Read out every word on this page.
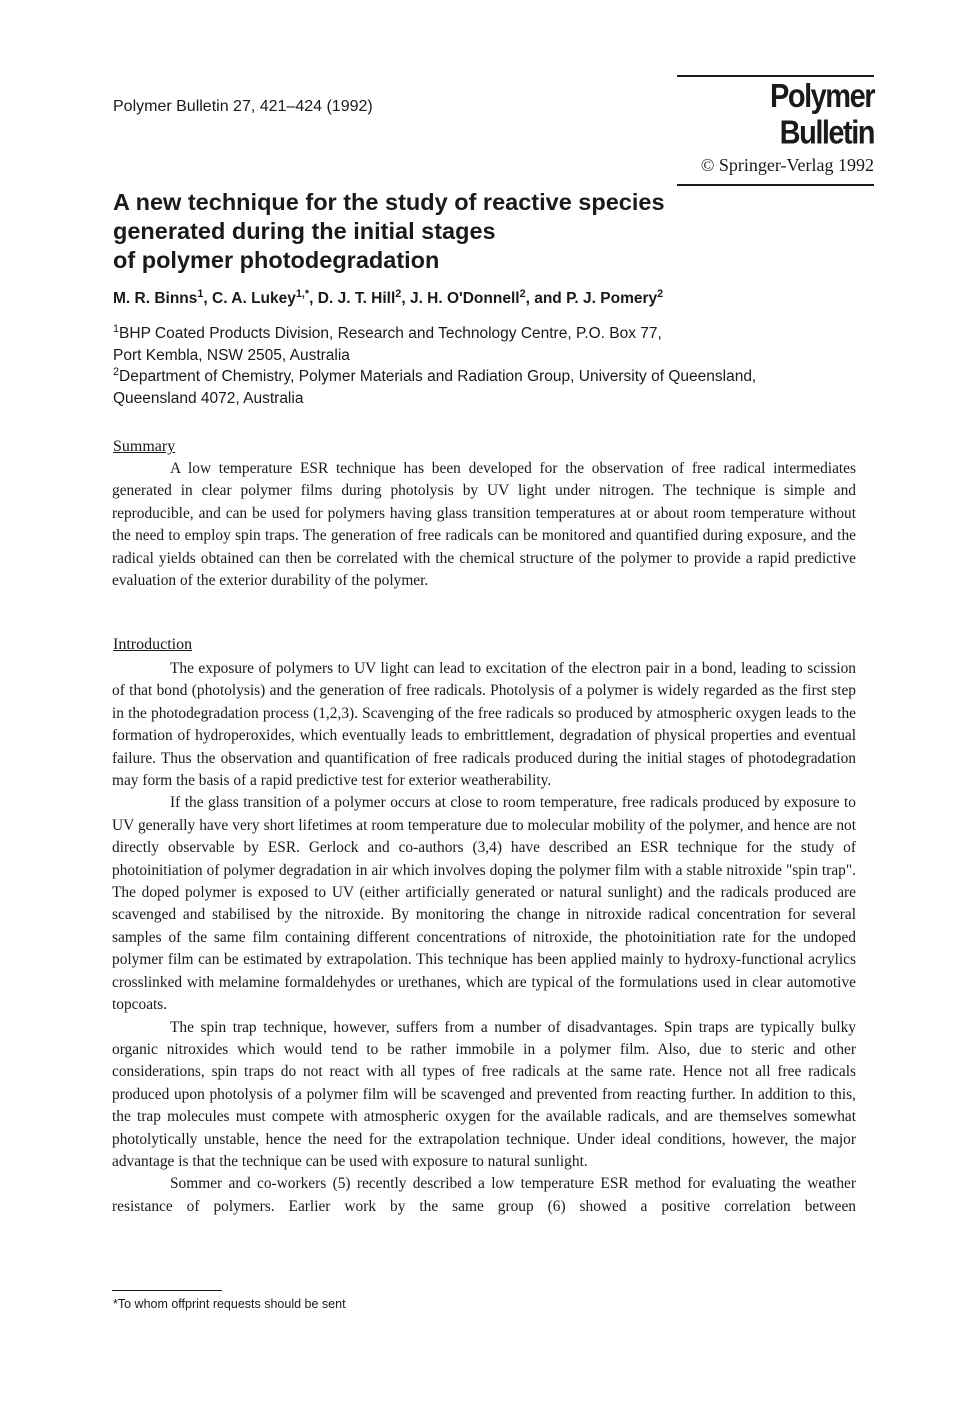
Polymer Bulletin 27, 421–424 (1992)	Polymer Bulletin
© Springer-Verlag 1992
A new technique for the study of reactive species
generated during the initial stages
of polymer photodegradation
M. R. Binns$^1$, C. A. Lukey$^{1,*}$, D. J. T. Hill$^2$, J. H. O'Donnell$^2$, and P. J. Pomery$^2$
$^1$BHP Coated Products Division, Research and Technology Centre, P.O. Box 77,
Port Kembla, NSW 2505, Australia
$^2$Department of Chemistry, Polymer Materials and Radiation Group, University of Queensland,
Queensland 4072, Australia
Summary

A low temperature ESR technique has been developed for the observation of free radical intermediates generated in clear polymer films during photolysis by UV light under nitrogen. The technique is simple and reproducible, and can be used for polymers having glass transition temperatures at or about room temperature without the need to employ spin traps. The generation of free radicals can be monitored and quantified during exposure, and the radical yields obtained can then be correlated with the chemical structure of the polymer to provide a rapid predictive evaluation of the exterior durability of the polymer.

Introduction

The exposure of polymers to UV light can lead to excitation of the electron pair in a bond, leading to scission of that bond (photolysis) and the generation of free radicals. Photolysis of a polymer is widely regarded as the first step in the photodegradation process (1,2,3). Scavenging of the free radicals so produced by atmospheric oxygen leads to the formation of hydroperoxides, which eventually leads to embrittlement, degradation of physical properties and eventual failure. Thus the observation and quantification of free radicals produced during the initial stages of photodegradation may form the basis of a rapid predictive test for exterior weatherability.

If the glass transition of a polymer occurs at close to room temperature, free radicals produced by exposure to UV generally have very short lifetimes at room temperature due to molecular mobility of the polymer, and hence are not directly observable by ESR. Gerlock and co-authors (3,4) have described an ESR technique for the study of photoinitiation of polymer degradation in air which involves doping the polymer film with a stable nitroxide "spin trap". The doped polymer is exposed to UV (either artificially generated or natural sunlight) and the radicals produced are scavenged and stabilised by the nitroxide. By monitoring the change in nitroxide radical concentration for several samples of the same film containing different concentrations of nitroxide, the photoinitiation rate for the undoped polymer film can be estimated by extrapolation. This technique has been applied mainly to hydroxy-functional acrylics crosslinked with melamine formaldehydes or urethanes, which are typical of the formulations used in clear automotive topcoats.

The spin trap technique, however, suffers from a number of disadvantages. Spin traps are typically bulky organic nitroxides which would tend to be rather immobile in a polymer film. Also, due to steric and other considerations, spin traps do not react with all types of free radicals at the same rate. Hence not all free radicals produced upon photolysis of a polymer film will be scavenged and prevented from reacting further. In addition to this, the trap molecules must compete with atmospheric oxygen for the available radicals, and are themselves somewhat photolytically unstable, hence the need for the extrapolation technique. Under ideal conditions, however, the major advantage is that the technique can be used with exposure to natural sunlight.

Sommer and co-workers (5) recently described a low temperature ESR method for evaluating the weather resistance of polymers. Earlier work by the same group (6) showed a positive correlation between

*To whom offprint requests should be sent
